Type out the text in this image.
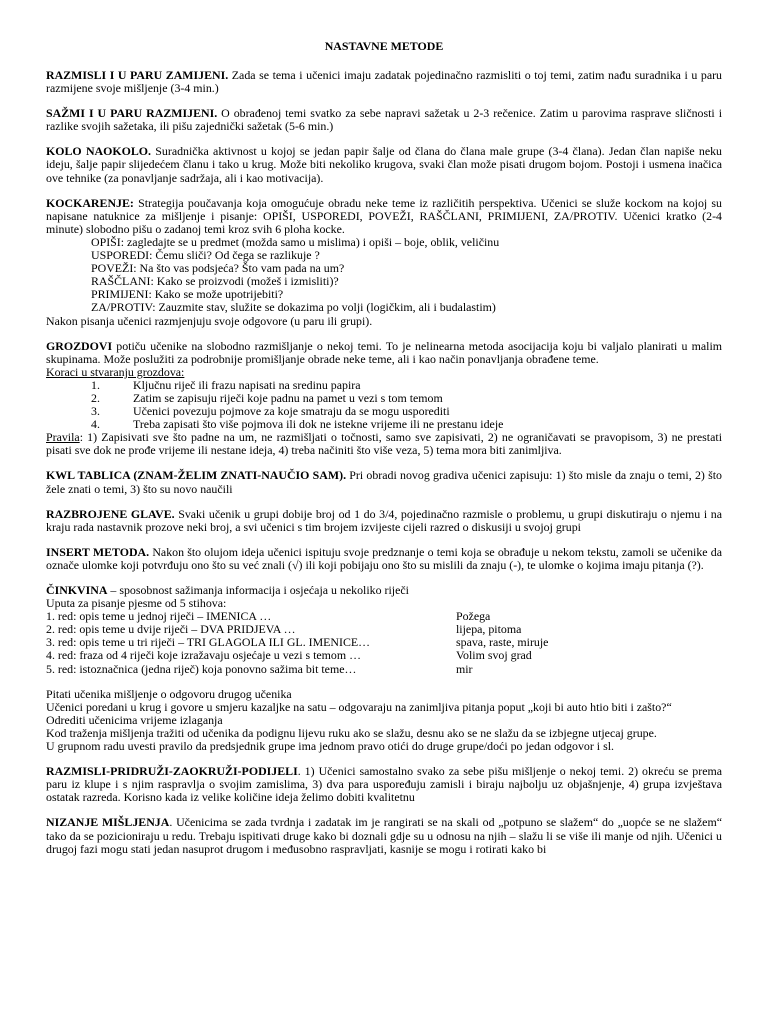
NASTAVNE METODE

RAZMISLI I U PARU ZAMIJENI. Zada se tema i učenici imaju zadatak pojedinačno razmisliti o toj temi, zatim nađu suradnika i u paru razmijene svoje mišljenje (3-4 min.)

SAŽMI I U PARU RAZMIJENI. O obrađenoj temi svatko za sebe napravi sažetak u 2-3 rečenice. Zatim u parovima rasprave sličnosti i razlike svojih sažetaka, ili pišu zajednički sažetak (5-6 min.)

KOLO NAOKOLO. Suradnička aktivnost u kojoj se jedan papir šalje od člana do člana male grupe (3-4 člana). Jedan član napiše neku ideju, šalje papir slijedećem članu i tako u krug. Može biti nekoliko krugova, svaki član može pisati drugom bojom. Postoji i usmena inačica ove tehnike (za ponavljanje sadržaja, ali i kao motivacija).

KOCKARENJE: Strategija poučavanja koja omogućuje obradu neke teme iz različitih perspektiva. Učenici se služe kockom na kojoj su napisane natuknice za mišljenje i pisanje: OPIŠI, USPOREDI, POVEŽI, RAŠČLANI, PRIMIJENI, ZA/PROTIV. Učenici kratko (2-4 minute) slobodno pišu o zadanoj temi kroz svih 6 ploha kocke.

OPIŠI: zagledajte se u predmet (možda samo u mislima) i opiši – boje, oblik, veličinu
USPOREDI: Čemu sliči? Od čega se razlikuje ?
POVEŽI: Na što vas podsjeća? Što vam pada na um?
RAŠČLANI: Kako se proizvodi (možeš i izmisliti)?
PRIMIJENI: Kako se može upotrijebiti?
ZA/PROTIV: Zauzmite stav, služite se dokazima po volji (logičkim, ali i budalastim)
Nakon pisanja učenici razmjenjuju svoje odgovore (u paru ili grupi).

GROZDOVI potiču učenike na slobodno razmišljanje o nekoj temi. To je nelinearna metoda asocijacija koju bi valjalo planirati u malim skupinama. Može poslužiti za podrobnije promišljanje obrade neke teme, ali i kao način ponavljanja obrađene teme.

Koraci u stvaranju grozdova:
1.	Ključnu riječ ili frazu napisati na sredinu papira
2.	Zatim se zapisuju riječi koje padnu na pamet u vezi s tom temom
3.	Učenici povezuju pojmove za koje smatraju da se mogu usporediti
4.	Treba zapisati što više pojmova ili dok ne istekne vrijeme ili ne prestanu ideje

Pravila: 1) Zapisivati sve što padne na um, ne razmišljati o točnosti, samo sve zapisivati, 2) ne ograničavati se pravopisom, 3) ne prestati pisati sve dok ne prođe vrijeme ili nestane ideja, 4) treba načiniti što više veza, 5) tema mora biti zanimljiva.

KWL TABLICA (ZNAM-ŽELIM ZNATI-NAUČIO SAM). Pri obradi novog gradiva učenici zapisuju: 1) što misle da znaju o temi, 2) što žele znati o temi, 3) što su novo naučili

RAZBROJENE GLAVE. Svaki učenik u grupi dobije broj od 1 do 3/4, pojedinačno razmisle o problemu, u grupi diskutiraju o njemu i na kraju rada nastavnik prozove neki broj, a svi učenici s tim brojem izvijeste cijeli razred o diskusiji u svojoj grupi

INSERT METODA. Nakon što olujom ideja učenici ispituju svoje predznanje o temi koja se obrađuje u nekom tekstu, zamoli se učenike da označe ulomke koji potvrđuju ono što su već znali (√) ili koji pobijaju ono što su mislili da znaju (-), te ulomke o kojima imaju pitanja (?).

ČINKVINA – sposobnost sažimanja informacija i osjećaja u nekoliko riječi

Uputa za pisanje pjesme od 5 stihova:
1. red: opis teme u jednoj riječi – IMENICA …	Požega
2. red: opis teme u dvije riječi – DVA PRIDJEVA …	lijepa, pitoma
3. red: opis teme u tri riječi – TRI GLAGOLA ILI GL. IMENICE…	spava, raste, miruje
4. red: fraza od 4 riječi koje izražavaju osjećaje u vezi s temom …	Volim svoj grad
5. red: istoznačnica (jedna riječ) koja ponovno sažima bit teme…	mir

Pitati učenika mišljenje o odgovoru drugog učenika

Učenici poredani u krug i govore u smjeru kazaljke na satu – odgovaraju na zanimljiva pitanja poput „koji bi auto htio biti i zašto?“

Odrediti učenicima vrijeme izlaganja

Kod traženja mišljenja tražiti od učenika da podignu lijevu ruku ako se slažu, desnu ako se ne slažu da se izbjegne utjecaj grupe.

U grupnom radu uvesti pravilo da predsjednik grupe ima jednom pravo otići do druge grupe/doći po jedan odgovor i sl.

RAZMISLI-PRIDRUŽI-ZAOKRUŽI-PODIJELI. 1) Učenici samostalno svako za sebe pišu mišljenje o nekoj temi. 2) okreću se prema paru iz klupe i s njim raspravlja o svojim zamislima, 3) dva para uspoređuju zamisli i biraju najbolju uz objašnjenje, 4) grupa izvještava ostatak razreda. Korisno kada iz velike količine ideja želimo dobiti kvalitetnu

NIZANJE MIŠLJENJA. Učenicima se zada tvrdnja i zadatak im je rangirati se na skali od „potpuno se slažem“ do „uopće se ne slažem“ tako da se pozicioniraju u redu. Trebaju ispitivati druge kako bi doznali gdje su u odnosu na njih – slažu li se više ili manje od njih. Učenici u drugoj fazi mogu stati jedan nasuprot drugom i međusobno raspravljati, kasnije se mogu i rotirati kako bi
